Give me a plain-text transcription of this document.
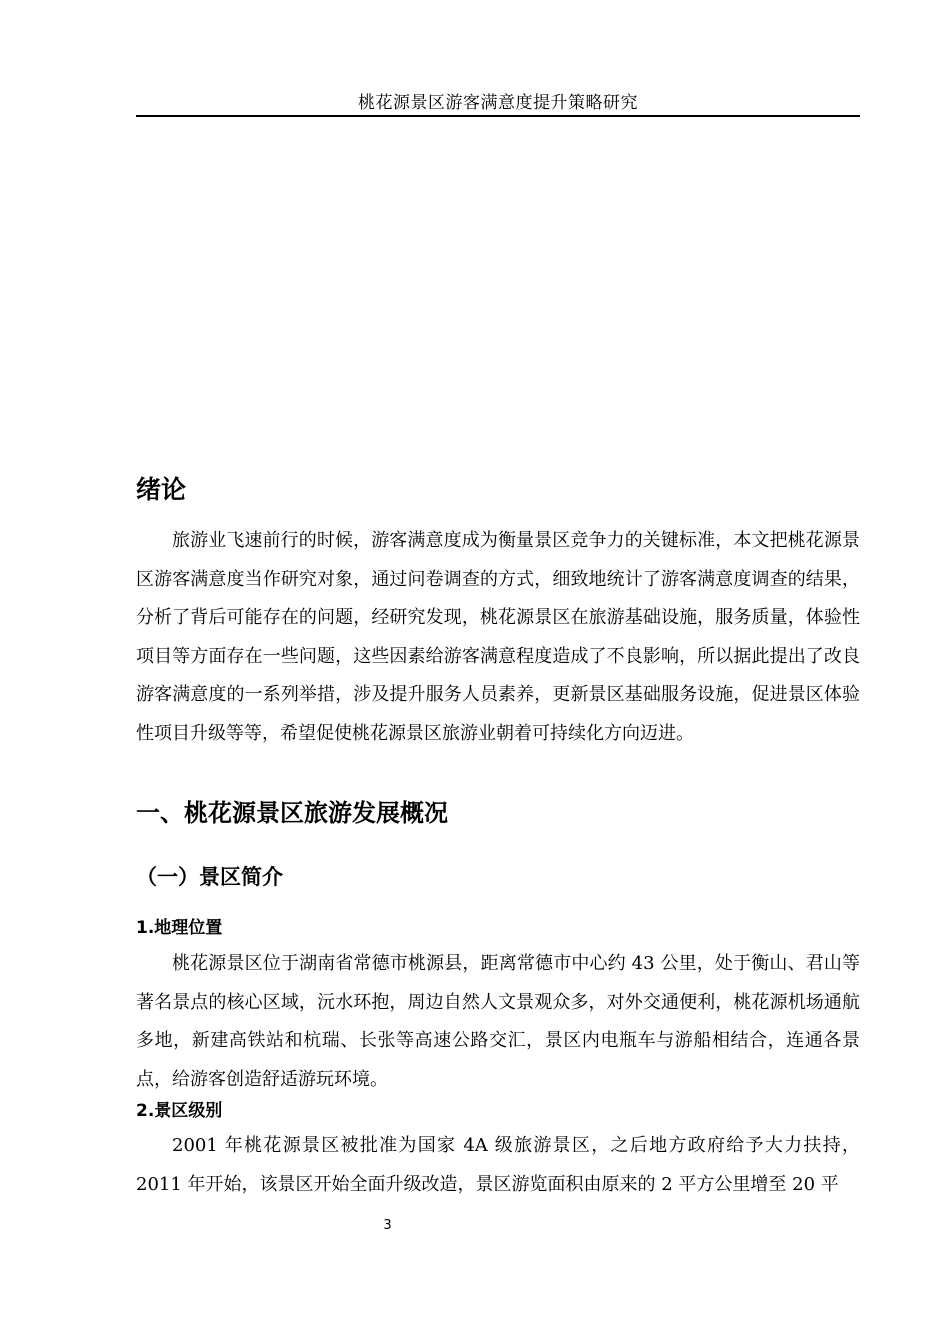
桃花源景区游客满意度提升策略研究
绪论

旅游业飞速前行的时候，游客满意度成为衡量景区竞争力的关键标准，本文把桃花源景区游客满意度当作研究对象，通过问卷调查的方式，细致地统计了游客满意度调查的结果，分析了背后可能存在的问题，经研究发现，桃花源景区在旅游基础设施，服务质量，体验性项目等方面存在一些问题，这些因素给游客满意程度造成了不良影响，所以据此提出了改良游客满意度的一系列举措，涉及提升服务人员素养，更新景区基础服务设施，促进景区体验性项目升级等等，希望促使桃花源景区旅游业朝着可持续化方向迈进。

一、桃花源景区旅游发展概况
（一）景区简介
1.地理位置

桃花源景区位于湖南省常德市桃源县，距离常德市中心约 43 公里，处于衡山、君山等著名景点的核心区域，沅水环抱，周边自然人文景观众多，对外交通便利，桃花源机场通航多地，新建高铁站和杭瑞、长张等高速公路交汇，景区内电瓶车与游船相结合，连通各景点，给游客创造舒适游玩环境。

2.景区级别

2001 年桃花源景区被批准为国家 4A 级旅游景区，之后地方政府给予大力扶持，2011 年开始，该景区开始全面升级改造，景区游览面积由原来的 2 平方公里增至 20 平

3
